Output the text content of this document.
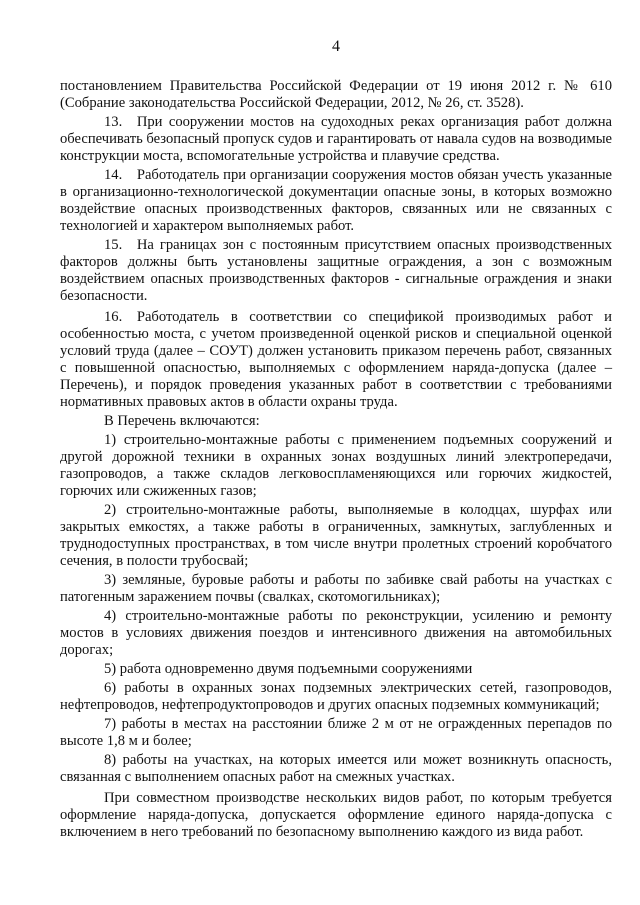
4

постановлением Правительства Российской Федерации от 19 июня 2012 г. № 610 (Собрание законодательства Российской Федерации, 2012, № 26, ст. 3528).

13. При сооружении мостов на судоходных реках организация работ должна обеспечивать безопасный пропуск судов и гарантировать от навала судов на возводимые конструкции моста, вспомогательные устройства и плавучие средства.

14. Работодатель при организации сооружения мостов обязан учесть указанные в организационно-технологической документации опасные зоны, в которых возможно воздействие опасных производственных факторов, связанных или не связанных с технологией и характером выполняемых работ.

15. На границах зон с постоянным присутствием опасных производственных факторов должны быть установлены защитные ограждения, а зон с возможным воздействием опасных производственных факторов - сигнальные ограждения и знаки безопасности.

16. Работодатель в соответствии со спецификой производимых работ и особенностью моста, с учетом произведенной оценкой рисков и специальной оценкой условий труда (далее – СОУТ) должен установить приказом перечень работ, связанных с повышенной опасностью, выполняемых с оформлением наряда-допуска (далее – Перечень), и порядок проведения указанных работ в соответствии с требованиями нормативных правовых актов в области охраны труда.

В Перечень включаются:

1) строительно-монтажные работы с применением подъемных сооружений и другой дорожной техники в охранных зонах воздушных линий электропередачи, газопроводов, а также складов легковоспламеняющихся или горючих жидкостей, горючих или сжиженных газов;

2) строительно-монтажные работы, выполняемые в колодцах, шурфах или закрытых емкостях, а также работы в ограниченных, замкнутых, заглубленных и труднодоступных пространствах, в том числе внутри пролетных строений коробчатого сечения, в полости трубосвай;

3) земляные, буровые работы и работы по забивке свай работы на участках с патогенным заражением почвы (свалках, скотомогильниках);

4) строительно-монтажные работы по реконструкции, усилению и ремонту мостов в условиях движения поездов и интенсивного движения на автомобильных дорогах;

5) работа одновременно двумя подъемными сооружениями

6) работы в охранных зонах подземных электрических сетей, газопроводов, нефтепроводов, нефтепродуктопроводов и других опасных подземных коммуникаций;

7) работы в местах на расстоянии ближе 2 м от не огражденных перепадов по высоте 1,8 м и более;

8) работы на участках, на которых имеется или может возникнуть опасность, связанная с выполнением опасных работ на смежных участках.

При совместном производстве нескольких видов работ, по которым требуется оформление наряда-допуска, допускается оформление единого наряда-допуска с включением в него требований по безопасному выполнению каждого из вида работ.
